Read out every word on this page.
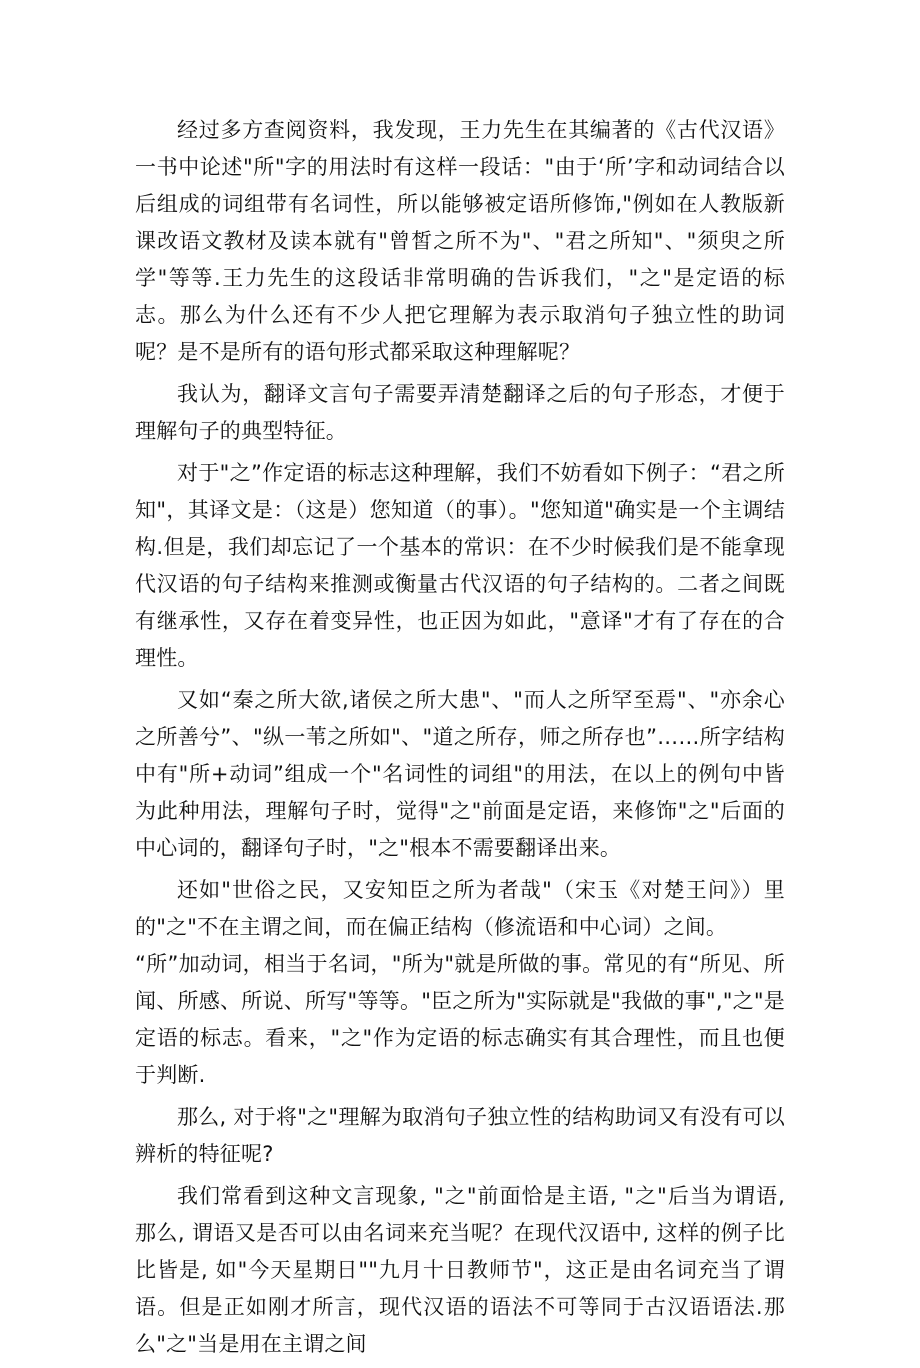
经过多方查阅资料，我发现，王力先生在其编著的《古代汉语》一书中论述"所"字的用法时有这样一段话："由于‘所’字和动词结合以后组成的词组带有名词性，所以能够被定语所修饰,"例如在人教版新课改语文教材及读本就有"曾皙之所不为"、"君之所知"、"须臾之所学"等等.王力先生的这段话非常明确的告诉我们，"之"是定语的标志。那么为什么还有不少人把它理解为表示取消句子独立性的助词呢？是不是所有的语句形式都采取这种理解呢？

我认为，翻译文言句子需要弄清楚翻译之后的句子形态，才便于理解句子的典型特征。

对于"之”作定语的标志这种理解，我们不妨看如下例子：“君之所知"，其译文是：（这是）您知道（的事）。"您知道"确实是一个主调结构.但是，我们却忘记了一个基本的常识：在不少时候我们是不能拿现代汉语的句子结构来推测或衡量古代汉语的句子结构的。二者之间既有继承性，又存在着变异性，也正因为如此，"意译"才有了存在的合理性。

又如“秦之所大欲,诸侯之所大患"、"而人之所罕至焉"、"亦余心之所善兮”、"纵一苇之所如"、"道之所存，师之所存也”……所字结构中有"所+动词”组成一个"名词性的词组"的用法，在以上的例句中皆为此种用法，理解句子时，觉得"之"前面是定语，来修饰"之"后面的中心词的，翻译句子时，"之"根本不需要翻译出来。

还如"世俗之民，又安知臣之所为者哉"（宋玉《对楚王问》）里的"之"不在主谓之间，而在偏正结构（修流语和中心词）之间。

“所”加动词，相当于名词，"所为"就是所做的事。常见的有“所见、所闻、所感、所说、所写"等等。"臣之所为"实际就是"我做的事","之"是定语的标志。看来，"之"作为定语的标志确实有其合理性，而且也便于判断.

那么, 对于将"之"理解为取消句子独立性的结构助词又有没有可以辨析的特征呢?

我们常看到这种文言现象, "之"前面恰是主语, "之"后当为谓语, 那么, 谓语又是否可以由名词来充当呢？在现代汉语中, 这样的例子比比皆是, 如"今天星期日""九月十日教师节"，这正是由名词充当了谓语。但是正如刚才所言，现代汉语的语法不可等同于古汉语语法.那么"之"当是用在主谓之间
